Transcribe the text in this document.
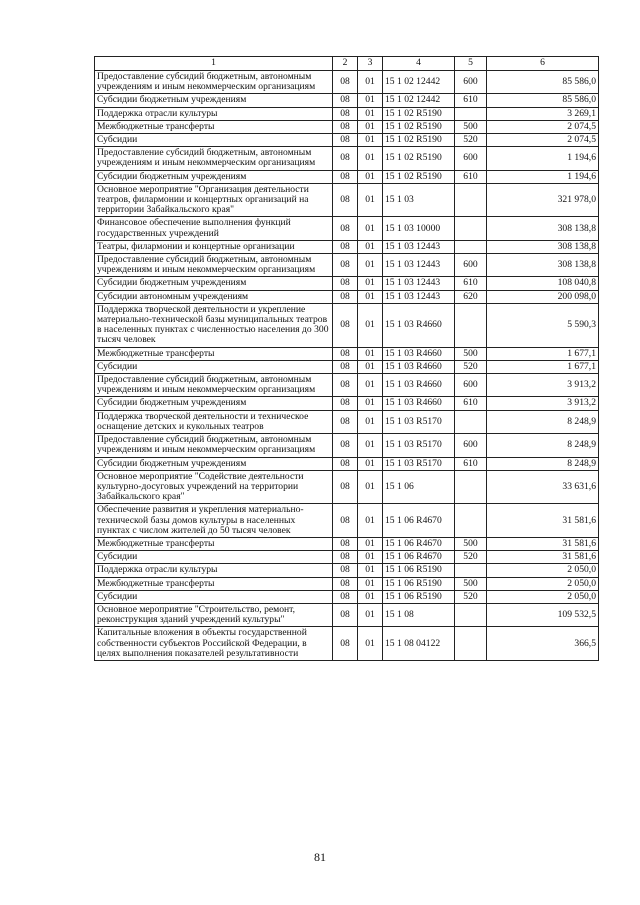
1	2	3	4	5	6
Предоставление субсидий бюджетным, автономным учреждениям и иным некоммерческим организациям	08	01	15 1 02 12442	600	85 586,0
Субсидии бюджетным учреждениям	08	01	15 1 02 12442	610	85 586,0
Поддержка отрасли культуры	08	01	15 1 02 R5190		3 269,1
Межбюджетные трансферты	08	01	15 1 02 R5190	500	2 074,5
Субсидии	08	01	15 1 02 R5190	520	2 074,5
Предоставление субсидий бюджетным, автономным учреждениям и иным некоммерческим организациям	08	01	15 1 02 R5190	600	1 194,6
Субсидии бюджетным учреждениям	08	01	15 1 02 R5190	610	1 194,6
Основное мероприятие "Организация деятельности театров, филармонии и концертных организаций на территории Забайкальского края"	08	01	15 1 03		321 978,0
Финансовое обеспечение выполнения функций государственных учреждений	08	01	15 1 03 10000		308 138,8
Театры, филармонии и концертные организации	08	01	15 1 03 12443		308 138,8
Предоставление субсидий бюджетным, автономным учреждениям и иным некоммерческим организациям	08	01	15 1 03 12443	600	308 138,8
Субсидии бюджетным учреждениям	08	01	15 1 03 12443	610	108 040,8
Субсидии автономным учреждениям	08	01	15 1 03 12443	620	200 098,0
Поддержка творческой деятельности и укрепление материально-технической базы муниципальных театров в населенных пунктах с численностью населения до 300 тысяч человек	08	01	15 1 03 R4660		5 590,3
Межбюджетные трансферты	08	01	15 1 03 R4660	500	1 677,1
Субсидии	08	01	15 1 03 R4660	520	1 677,1
Предоставление субсидий бюджетным, автономным учреждениям и иным некоммерческим организациям	08	01	15 1 03 R4660	600	3 913,2
Субсидии бюджетным учреждениям	08	01	15 1 03 R4660	610	3 913,2
Поддержка творческой деятельности и техническое оснащение детских и кукольных театров	08	01	15 1 03 R5170		8 248,9
Предоставление субсидий бюджетным, автономным учреждениям и иным некоммерческим организациям	08	01	15 1 03 R5170	600	8 248,9
Субсидии бюджетным учреждениям	08	01	15 1 03 R5170	610	8 248,9
Основное мероприятие "Содействие деятельности культурно-досуговых учреждений на территории Забайкальского края"	08	01	15 1 06		33 631,6
Обеспечение развития и укрепления материально-технической базы домов культуры в населенных пунктах с числом жителей до 50 тысяч человек	08	01	15 1 06 R4670		31 581,6
Межбюджетные трансферты	08	01	15 1 06 R4670	500	31 581,6
Субсидии	08	01	15 1 06 R4670	520	31 581,6
Поддержка отрасли культуры	08	01	15 1 06 R5190		2 050,0
Межбюджетные трансферты	08	01	15 1 06 R5190	500	2 050,0
Субсидии	08	01	15 1 06 R5190	520	2 050,0
Основное мероприятие "Строительство, ремонт, реконструкция зданий учреждений культуры"	08	01	15 1 08		109 532,5
Капитальные вложения в объекты государственной собственности субъектов Российской Федерации, в целях выполнения показателей результативности	08	01	15 1 08 04122		366,5
81
